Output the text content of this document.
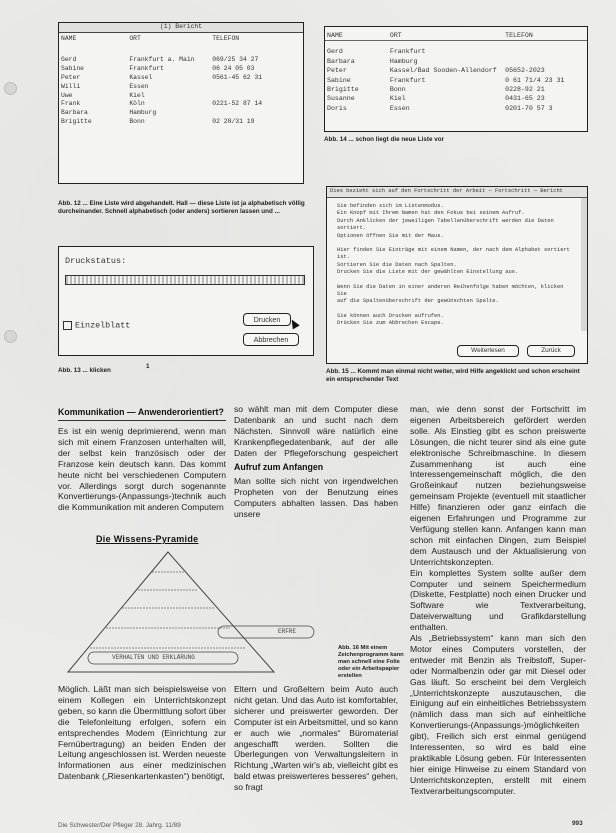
(1) Bericht
NAME	ORT	TELEFON

Gerd	Frankfurt a. Main	069/25 34 27
Sabine	Frankfurt	06 24 05 03
Peter	Kassel	0561-45 62 31
Willi	Essen	
Uwe	Kiel	
Frank	Köln	0221-52 87 14
Barbara	Hamburg	
Brigitte	Bonn	02 28/31 19
Abb. 12 ... Eine Liste wird abgehandelt. Hall — diese Liste ist ja alphabetisch völlig durcheinander. Schnell alphabetisch (oder anders) sortieren lassen und ...
NAME	ORT	TELEFON

Gerd	Frankfurt	
Barbara	Hamburg	
Peter	Kassel/Bad Sooden-Allendorf	05652-2023
Sabine	Frankfurt	0 61 71/4 23 31
Brigitte	Bonn	0228-92 21
Susanne	Kiel	0431-65 23
Doris	Essen	0201-70 57 3
Abb. 14 ... schon liegt die neue Liste vor
Druckstatus:
Einzelblatt
Drucken
Abbrechen
Abb. 13 ... klicken
1
Dies bezieht sich auf den Fortschritt der Arbeit — Fortschritt — Bericht
Sie befinden sich im Listenmodus.
Ein Knopf mit Ihrem Namen hat den Fokus bei seinem Aufruf.
Durch Anklicken der jeweiligen Tabellenüberschrift werden die Daten sortiert.
Optionen öffnen Sie mit der Maus.
Hier finden Sie Einträge mit einem Namen, der nach dem Alphabet sortiert ist.
Sortieren Sie die Daten nach Spalten.
Drucken Sie die Liste mit der gewählten Einstellung aus.
Wenn Sie die Daten in einer anderen Reihenfolge haben möchten, klicken Sie
auf die Spaltenüberschrift der gewünschten Spalte.
Sie können auch Drucken aufrufen.
Drücken Sie zum Abbrechen Escape.
Weiterlesen	Zurück
Abb. 15 ... Kommt man einmal nicht weiter, wird Hilfe angeklickt und schon erscheint ein entsprechender Text
Kommunikation — Anwenderorientiert?

Es ist ein wenig deprimierend, wenn man sich mit einem Franzosen unterhalten will, der selbst kein französisch oder der Franzose kein deutsch kann. Das kommt heute nicht bei verschiedenen Computern vor. Allerdings sorgt durch sogenannte Konvertierungs-(Anpassungs-)technik auch die Kommunikation mit anderen Computern

so wählt man mit dem Computer diese Datenbank an und sucht nach dem Nächsten. Sinnvoll wäre natürlich eine Krankenpflegedatenbank, auf der alle Daten der Pflegeforschung gespeichert

Aufruf zum Anfangen

Man sollte sich nicht von irgendwelchen Propheten von der Benutzung eines Computers abhalten lassen. Das haben unsere

Die Wissens-Pyramide
ERFRE
VERHALTEN UND ERKLÄRUNG
Abb. 16 Mit einem Zeichenprogramm kann man schnell eine Folie oder ein Arbeitspapier erstellen

Möglich. Läßt man sich beispielsweise von einem Kollegen ein Unterrichtskonzept geben, so kann die Übermittlung sofort über die Telefonleitung erfolgen, sofern ein entsprechendes Modem (Einrichtung zur Fernübertragung) an beiden Enden der Leitung angeschlossen ist. Werden neueste Informationen aus einer medizinischen Datenbank („Riesenkartenkasten“) benötigt,

Eltern und Großeltern beim Auto auch nicht getan. Und das Auto ist komfortabler, sicherer und preiswerter geworden. Der Computer ist ein Arbeitsmittel, und so kann er auch wie „normales“ Büromaterial angeschafft werden. Sollten die Überlegungen von Verwaltungsleitern in Richtung „Warten wir's ab, vielleicht gibt es bald etwas preiswerteres besseres“ gehen, so fragt

man, wie denn sonst der Fortschritt im eigenen Arbeitsbereich gefördert werden solle. Als Einstieg gibt es schon preiswerte Lösungen, die nicht teurer sind als eine gute elektronische Schreibmaschine. In diesem Zusammenhang ist auch eine Interessengemeinschaft möglich, die den Großeinkauf nutzen beziehungsweise gemeinsam Projekte (eventuell mit staatlicher Hilfe) finanzieren oder ganz einfach die eigenen Erfahrungen und Programme zur Verfügung stellen kann. Anfangen kann man schon mit einfachen Dingen, zum Beispiel dem Austausch und der Aktualisierung von Unterrichtskonzepten.

Ein komplettes System sollte außer dem Computer und seinem Speichermedium (Diskette, Festplatte) noch einen Drucker und Software wie Textverarbeitung, Dateiverwaltung und Grafikdarstellung enthalten.

Als „Betriebssystem“ kann man sich den Motor eines Computers vorstellen, der entweder mit Benzin als Treibstoff, Super- oder Normalbenzin oder gar mit Diesel oder Gas läuft. So erscheint bei dem Vergleich „Unterrichtskonzepte auszutauschen, die Einigung auf ein einheitliches Betriebssystem (nämlich dass man sich auf einheitliche Konvertierungs-(Anpassungs-)möglichkeiten gibt), Freilich sich erst einmal genügend Interessenten, so wird es bald eine praktikable Lösung geben. Für Interessenten hier einige Hinweise zu einem Standard von Unterrichtskonzepten, erstellt mit einem Textverarbeitungscomputer.

Die Schwester/Der Pfleger 28. Jahrg. 11/89	993
